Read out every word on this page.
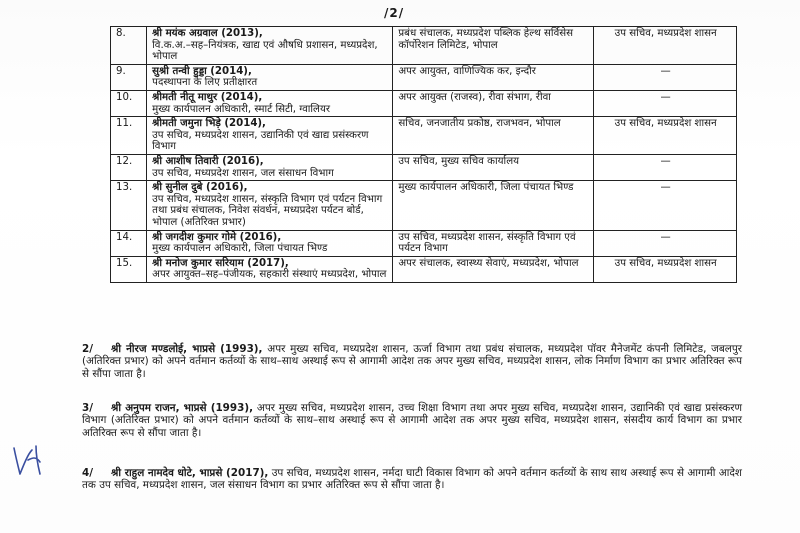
/2/
8.	श्री मयंक अग्रवाल (2013),
वि.क.अ.–सह–नियंत्रक, खाद्य एवं औषधि प्रशासन, मध्यप्रदेश, भोपाल	प्रबंध संचालक, मध्यप्रदेश पब्लिक हेल्थ सर्विसेस कॉर्पोरेशन लिमिटेड, भोपाल	उप सचिव, मध्यप्रदेश शासन
9.	सुश्री तन्वी हुड्डा (2014),
पदस्थापना के लिए प्रतीक्षारत	अपर आयुक्त, वाणिज्यिक कर, इन्दौर	—
10.	श्रीमती नीतू माथुर (2014),
मुख्य कार्यपालन अधिकारी, स्मार्ट सिटी, ग्वालियर	अपर आयुक्त (राजस्व), रीवा संभाग, रीवा	—
11.	श्रीमती जमुना भिड़े (2014),
उप सचिव, मध्यप्रदेश शासन, उद्यानिकी एवं खाद्य प्रसंस्करण विभाग	सचिव, जनजातीय प्रकोष्ठ, राजभवन, भोपाल	उप सचिव, मध्यप्रदेश शासन
12.	श्री आशीष तिवारी (2016),
उप सचिव, मध्यप्रदेश शासन, जल संसाधन विभाग	उप सचिव, मुख्य सचिव कार्यालय	—
13.	श्री सुनील दुबे (2016),
उप सचिव, मध्यप्रदेश शासन, संस्कृति विभाग एवं पर्यटन विभाग तथा प्रबंध संचालक, निवेश संवर्धन, मध्यप्रदेश पर्यटन बोर्ड, भोपाल (अतिरिक्त प्रभार)	मुख्य कार्यपालन अधिकारी, जिला पंचायत भिण्ड	—
14.	श्री जगदीश कुमार गोमे (2016),
मुख्य कार्यपालन अधिकारी, जिला पंचायत भिण्ड	उप सचिव, मध्यप्रदेश शासन, संस्कृति विभाग एवं पर्यटन विभाग	—
15.	श्री मनोज कुमार सरियाम (2017),
अपर आयुक्त–सह–पंजीयक, सहकारी संस्थाएं मध्यप्रदेश, भोपाल	अपर संचालक, स्वास्थ्य सेवाएं, मध्यप्रदेश, भोपाल	उप सचिव, मध्यप्रदेश शासन
2/ श्री नीरज मण्डलोई, भाप्रसे (1993), अपर मुख्य सचिव, मध्यप्रदेश शासन, ऊर्जा विभाग तथा प्रबंध संचालक, मध्यप्रदेश पॉवर मैनेजमेंट कंपनी लिमिटेड, जबलपुर (अतिरिक्त प्रभार) को अपने वर्तमान कर्तव्यों के साथ–साथ अस्थाई रूप से आगामी आदेश तक अपर मुख्य सचिव, मध्यप्रदेश शासन, लोक निर्माण विभाग का प्रभार अतिरिक्त रूप से सौंपा जाता है।
3/ श्री अनुपम राजन, भाप्रसे (1993), अपर मुख्य सचिव, मध्यप्रदेश शासन, उच्च शिक्षा विभाग तथा अपर मुख्य सचिव, मध्यप्रदेश शासन, उद्यानिकी एवं खाद्य प्रसंस्करण विभाग (अतिरिक्त प्रभार) को अपने वर्तमान कर्तव्यों के साथ–साथ अस्थाई रूप से आगामी आदेश तक अपर मुख्य सचिव, मध्यप्रदेश शासन, संसदीय कार्य विभाग का प्रभार अतिरिक्त रूप से सौंपा जाता है।
4/ श्री राहुल नामदेव धोटे, भाप्रसे (2017), उप सचिव, मध्यप्रदेश शासन, नर्मदा घाटी विकास विभाग को अपने वर्तमान कर्तव्यों के साथ साथ अस्थाई रूप से आगामी आदेश तक उप सचिव, मध्यप्रदेश शासन, जल संसाधन विभाग का प्रभार अतिरिक्त रूप से सौंपा जाता है।
